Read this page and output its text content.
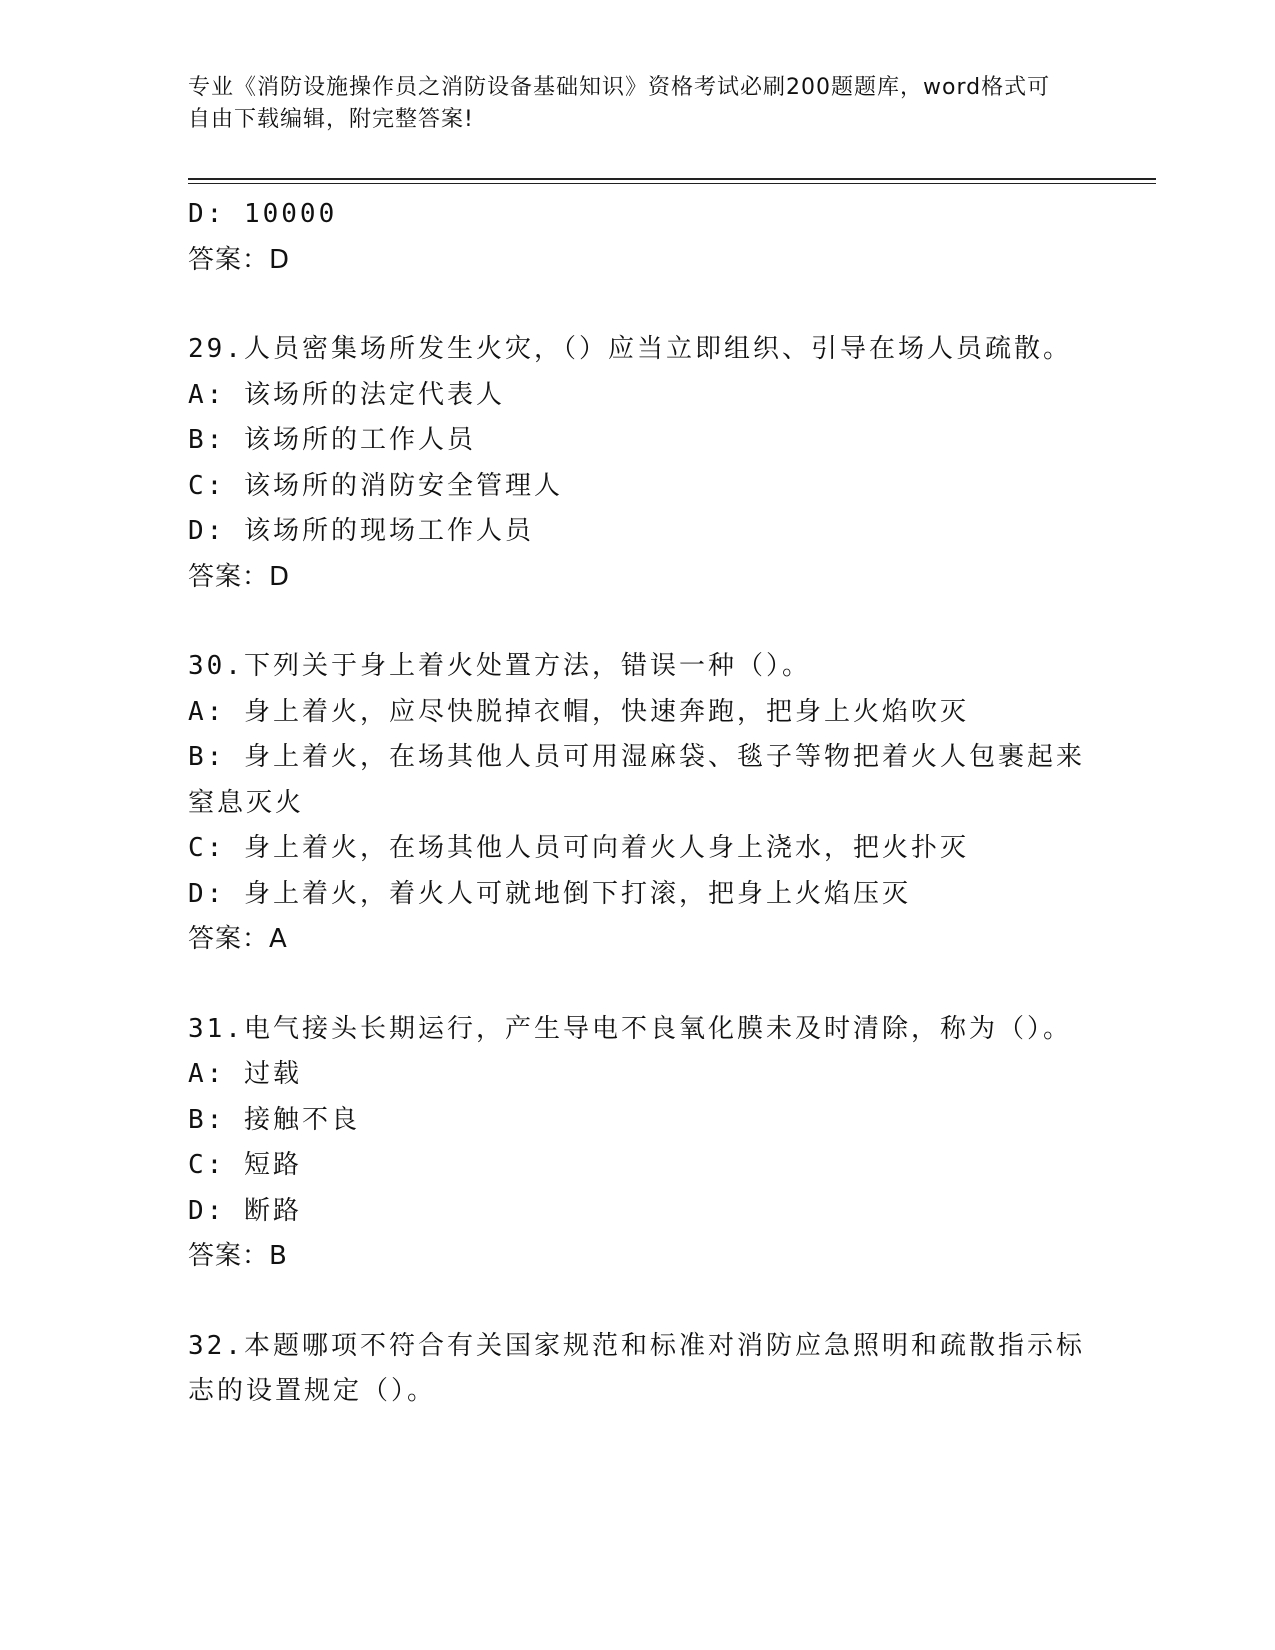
专业《消防设施操作员之消防设备基础知识》资格考试必刷200题题库，word格式可自由下载编辑，附完整答案!
D: 10000
答案：D
29.人员密集场所发生火灾，（）应当立即组织、引导在场人员疏散。
A: 该场所的法定代表人
B: 该场所的工作人员
C: 该场所的消防安全管理人
D: 该场所的现场工作人员
答案：D
30.下列关于身上着火处置方法，错误一种（）。
A: 身上着火，应尽快脱掉衣帽，快速奔跑，把身上火焰吹灭
B: 身上着火，在场其他人员可用湿麻袋、毯子等物把着火人包裹起来窒息灭火
C: 身上着火，在场其他人员可向着火人身上浇水，把火扑灭
D: 身上着火，着火人可就地倒下打滚，把身上火焰压灭
答案：A
31.电气接头长期运行，产生导电不良氧化膜未及时清除，称为（）。
A: 过载
B: 接触不良
C: 短路
D: 断路
答案：B
32.本题哪项不符合有关国家规范和标准对消防应急照明和疏散指示标志的设置规定（）。
